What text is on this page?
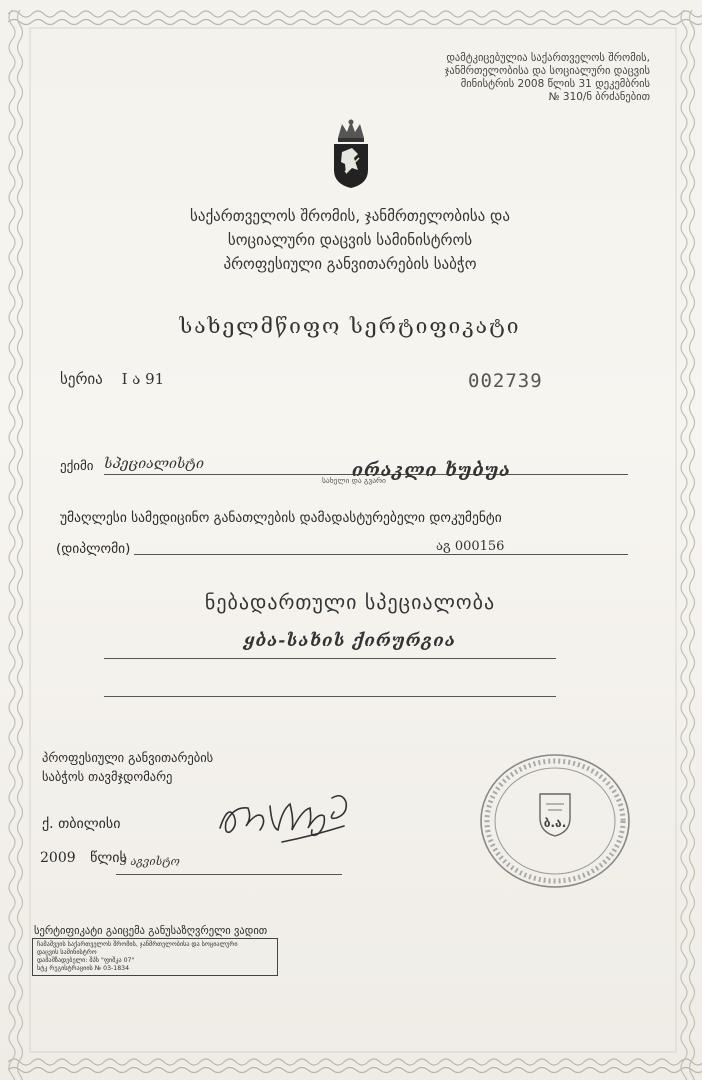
დამტკიცებულია საქართველოს შრომის,
ჯანმრთელობისა და სოციალური დაცვის
მინისტრის 2008 წლის 31 დეკემბრის
№ 310/ნ ბრძანებით
საქართველოს შრომის, ჯანმრთელობისა და
სოციალური დაცვის სამინისტროს
პროფესიული განვითარების საბჭო
სახელმწიფო სერტიფიკატი
სერია I ა 91	002739
ექიმი სპეციალისტი	ირაკლი ხუბუა
სახელი და გვარი
უმაღლესი სამედიცინო განათლების დამადასტურებელი დოკუმენტი
(დიპლომი)	აგ 000156
ნებადართული სპეციალობა
ყბა-სახის ქირურგია
პროფესიული განვითარების
საბჭოს თავმჯდომარე
ბ.ა.
ქ. თბილისი
2009 წლის
3 აგვისტო
სერტიფიკატი გაიცემა განუსაზღვრელი ვადით
ჩამაშვეის საქართველოს შრომის, ჯანმრთელობისა და სოციალური
დაცვის სამინისტრო
დამამზადებელი: შპს "ფიშკა 07"
სტკ რეგისტრაციის № 03-1834
